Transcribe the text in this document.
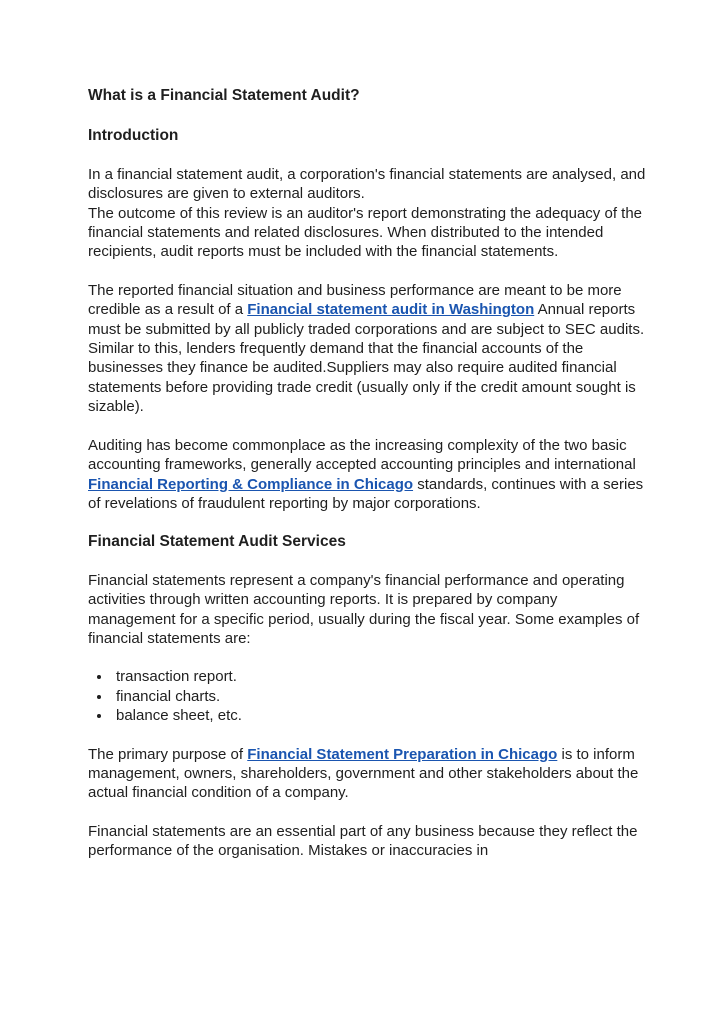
What is a Financial Statement Audit?
Introduction

In a financial statement audit, a corporation's financial statements are analysed, and disclosures are given to external auditors.
The outcome of this review is an auditor's report demonstrating the adequacy of the financial statements and related disclosures. When distributed to the intended recipients, audit reports must be included with the financial statements.

The reported financial situation and business performance are meant to be more credible as a result of a Financial statement audit in Washington Annual reports must be submitted by all publicly traded corporations and are subject to SEC audits. Similar to this, lenders frequently demand that the financial accounts of the businesses they finance be audited.Suppliers may also require audited financial statements before providing trade credit (usually only if the credit amount sought is sizable).

Auditing has become commonplace as the increasing complexity of the two basic accounting frameworks, generally accepted accounting principles and international Financial Reporting & Compliance in Chicago standards, continues with a series of revelations of fraudulent reporting by major corporations.

Financial Statement Audit Services

Financial statements represent a company's financial performance and operating activities through written accounting reports. It is prepared by company management for a specific period, usually during the fiscal year. Some examples of financial statements are:

• transaction report.
• financial charts.
• balance sheet, etc.

The primary purpose of Financial Statement Preparation in Chicago is to inform management, owners, shareholders, government and other stakeholders about the actual financial condition of a company.

Financial statements are an essential part of any business because they reflect the performance of the organisation. Mistakes or inaccuracies in
